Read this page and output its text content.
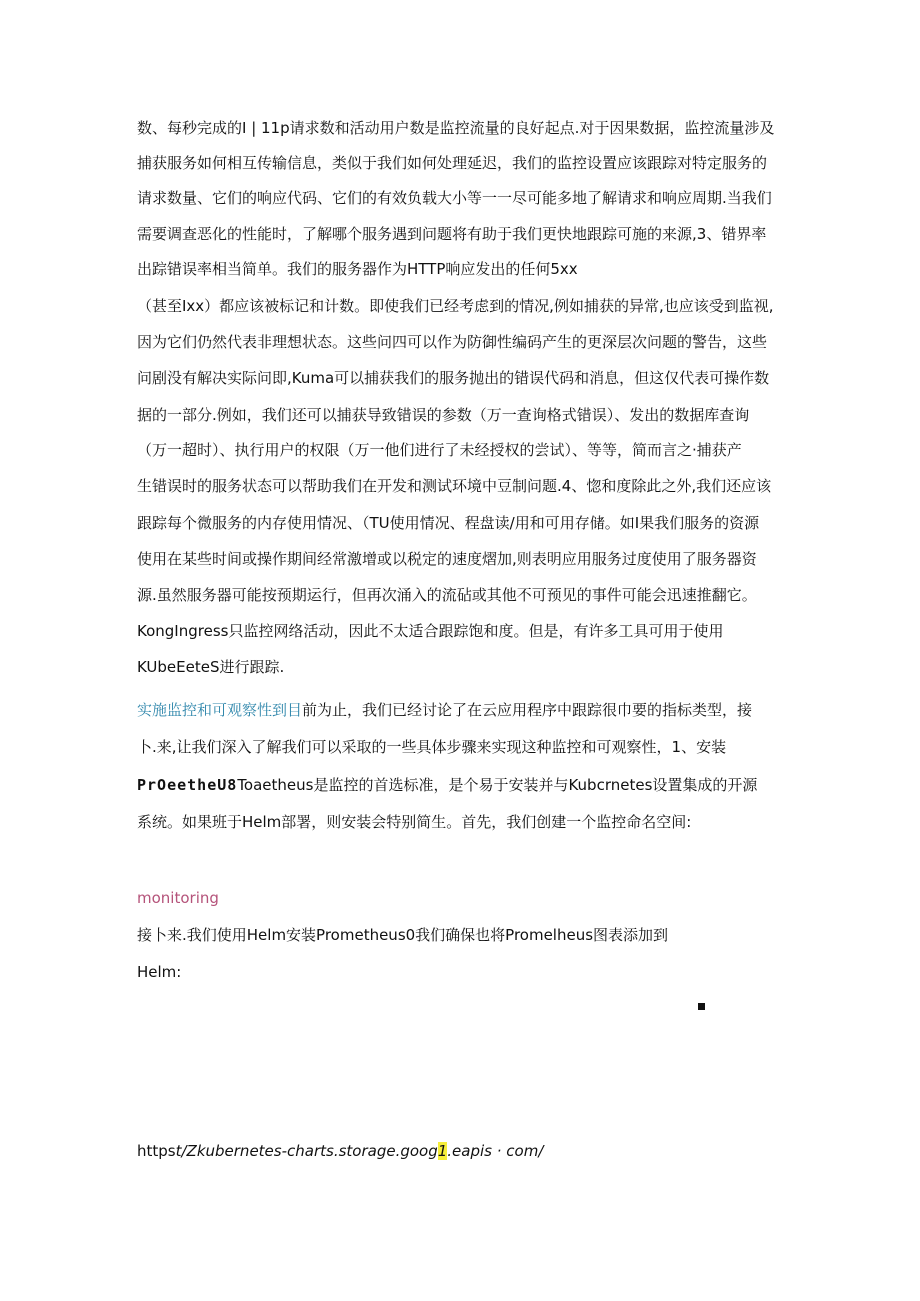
数、每秒完成的I | 11p请求数和活动用户数是监控流量的良好起点.对于因果数据，监控流量涉及
捕获服务如何相互传输信息，类似于我们如何处理延迟，我们的监控设置应该跟踪对特定服务的
请求数量、它们的响应代码、它们的有效负载大小等一一尽可能多地了解请求和响应周期.当我们
需要调查恶化的性能时，了解哪个服务遇到问题将有助于我们更快地跟踪可施的来源,3、错界率
出踪错误率相当简单。我们的服务器作为HTTP响应发出的任何5xx
（甚至Ixx）都应该被标记和计数。即使我们已经考虑到的情况,例如捕获的异常,也应该受到监视,
因为它们仍然代表非理想状态。这些问四可以作为防御性编码产生的更深层次问题的警告，这些
问剧没有解决实际问即,Kuma可以捕获我们的服务抛出的错误代码和消息，但这仅代表可操作数
据的一部分.例如，我们还可以捕获导致错误的参数（万一查询格式错误）、发出的数据库查询
（万一超时）、执行用户的权限（万一他们进行了未经授权的尝试）、等等，简而言之·捕获产
生错误时的服务状态可以帮助我们在开发和测试环境中豆制问题.4、惚和度除此之外,我们还应该
跟踪每个微服务的内存使用情况、（TU使用情况、程盘读/用和可用存储。如I果我们服务的资源
使用在某些时间或操作期间经常激增或以税定的速度熠加,则表明应用服务过度使用了服务器资
源.虽然服务器可能按预期运行，但再次涌入的流砧或其他不可预见的事件可能会迅速推翻它。
KongIngress只监控网络活动，因此不太适合跟踪饱和度。但是，有许多工具可用于使用
KUbeEeteS进行跟踪.
实施监控和可观察性到目前为止，我们已经讨论了在云应用程序中跟踪很巾要的指标类型，接
卜.来,让我们深入了解我们可以采取的一些具体步骤来实现这种监控和可观察性，1、安装
PrOeetheU8Toaetheus是监控的首选标准，是个易于安装并与Kubcrnetes设置集成的开源
系统。如果班于Helm部署，则安装会特别简生。首先，我们创建一个监控命名空间:
monitoring
接卜来.我们使用Helm安装Prometheus0我们确保也将Promelheus图表添加到
Helm:
httpst/Zkubernetes-charts.storage.goog1.eapis · com/
